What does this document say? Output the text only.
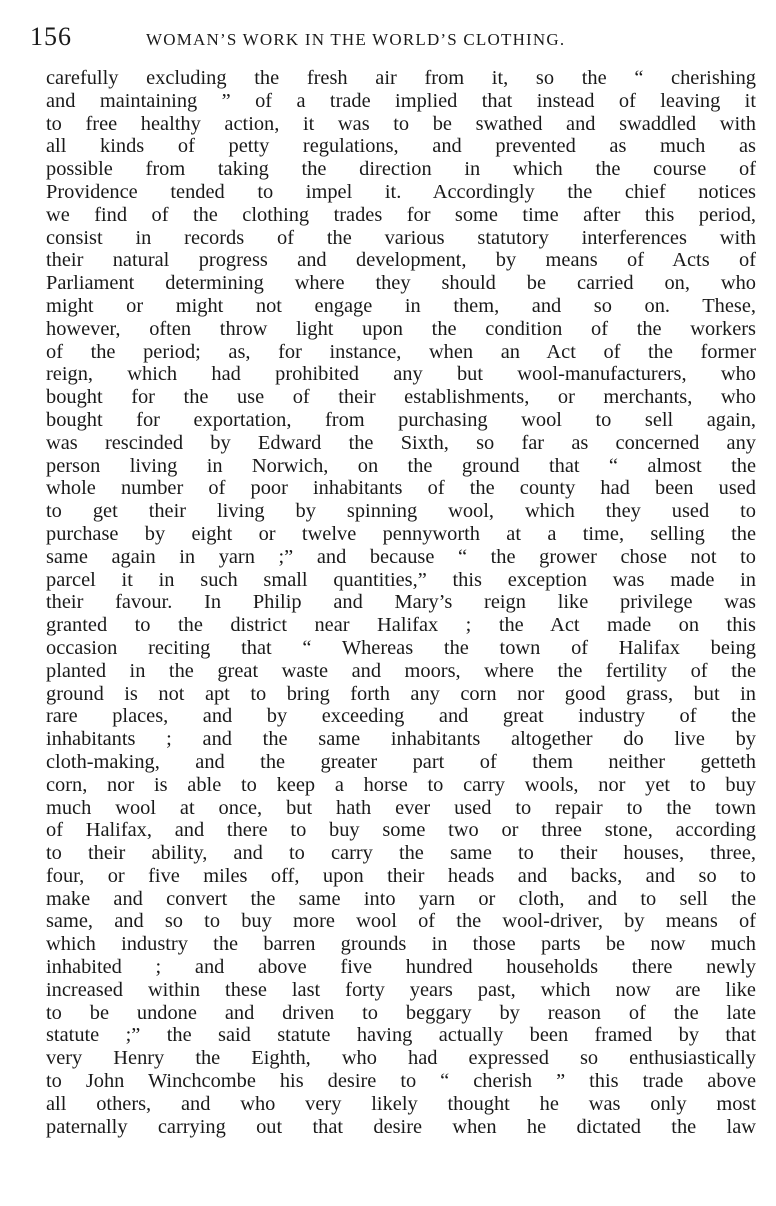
156	WOMAN’S WORK IN THE WORLD’S CLOTHING.
carefully excluding the fresh air from it, so the “ cherishing
and maintaining ” of a trade implied that instead of leaving it
to free healthy action, it was to be swathed and swaddled with
all kinds of petty regulations, and prevented as much as
possible from taking the direction in which the course of
Providence tended to impel it. Accordingly the chief notices
we find of the clothing trades for some time after this period,
consist in records of the various statutory interferences with
their natural progress and development, by means of Acts of
Parliament determining where they should be carried on, who
might or might not engage in them, and so on. These,
however, often throw light upon the condition of the workers
of the period; as, for instance, when an Act of the former
reign, which had prohibited any but wool-manufacturers, who
bought for the use of their establishments, or merchants, who
bought for exportation, from purchasing wool to sell again,
was rescinded by Edward the Sixth, so far as concerned any
person living in Norwich, on the ground that “ almost the
whole number of poor inhabitants of the county had been used
to get their living by spinning wool, which they used to
purchase by eight or twelve pennyworth at a time, selling the
same again in yarn ;” and because “ the grower chose not to
parcel it in such small quantities,” this exception was made in
their favour. In Philip and Mary’s reign like privilege was
granted to the district near Halifax ; the Act made on this
occasion reciting that “ Whereas the town of Halifax being
planted in the great waste and moors, where the fertility of the
ground is not apt to bring forth any corn nor good grass, but in
rare places, and by exceeding and great industry of the
inhabitants ; and the same inhabitants altogether do live by
cloth-making, and the greater part of them neither getteth
corn, nor is able to keep a horse to carry wools, nor yet to buy
much wool at once, but hath ever used to repair to the town
of Halifax, and there to buy some two or three stone, according
to their ability, and to carry the same to their houses, three,
four, or five miles off, upon their heads and backs, and so to
make and convert the same into yarn or cloth, and to sell the
same, and so to buy more wool of the wool-driver, by means of
which industry the barren grounds in those parts be now much
inhabited ; and above five hundred households there newly
increased within these last forty years past, which now are like
to be undone and driven to beggary by reason of the late
statute ;” the said statute having actually been framed by that
very Henry the Eighth, who had expressed so enthusiastically
to John Winchcombe his desire to “ cherish ” this trade above
all others, and who very likely thought he was only most
paternally carrying out that desire when he dictated the law
